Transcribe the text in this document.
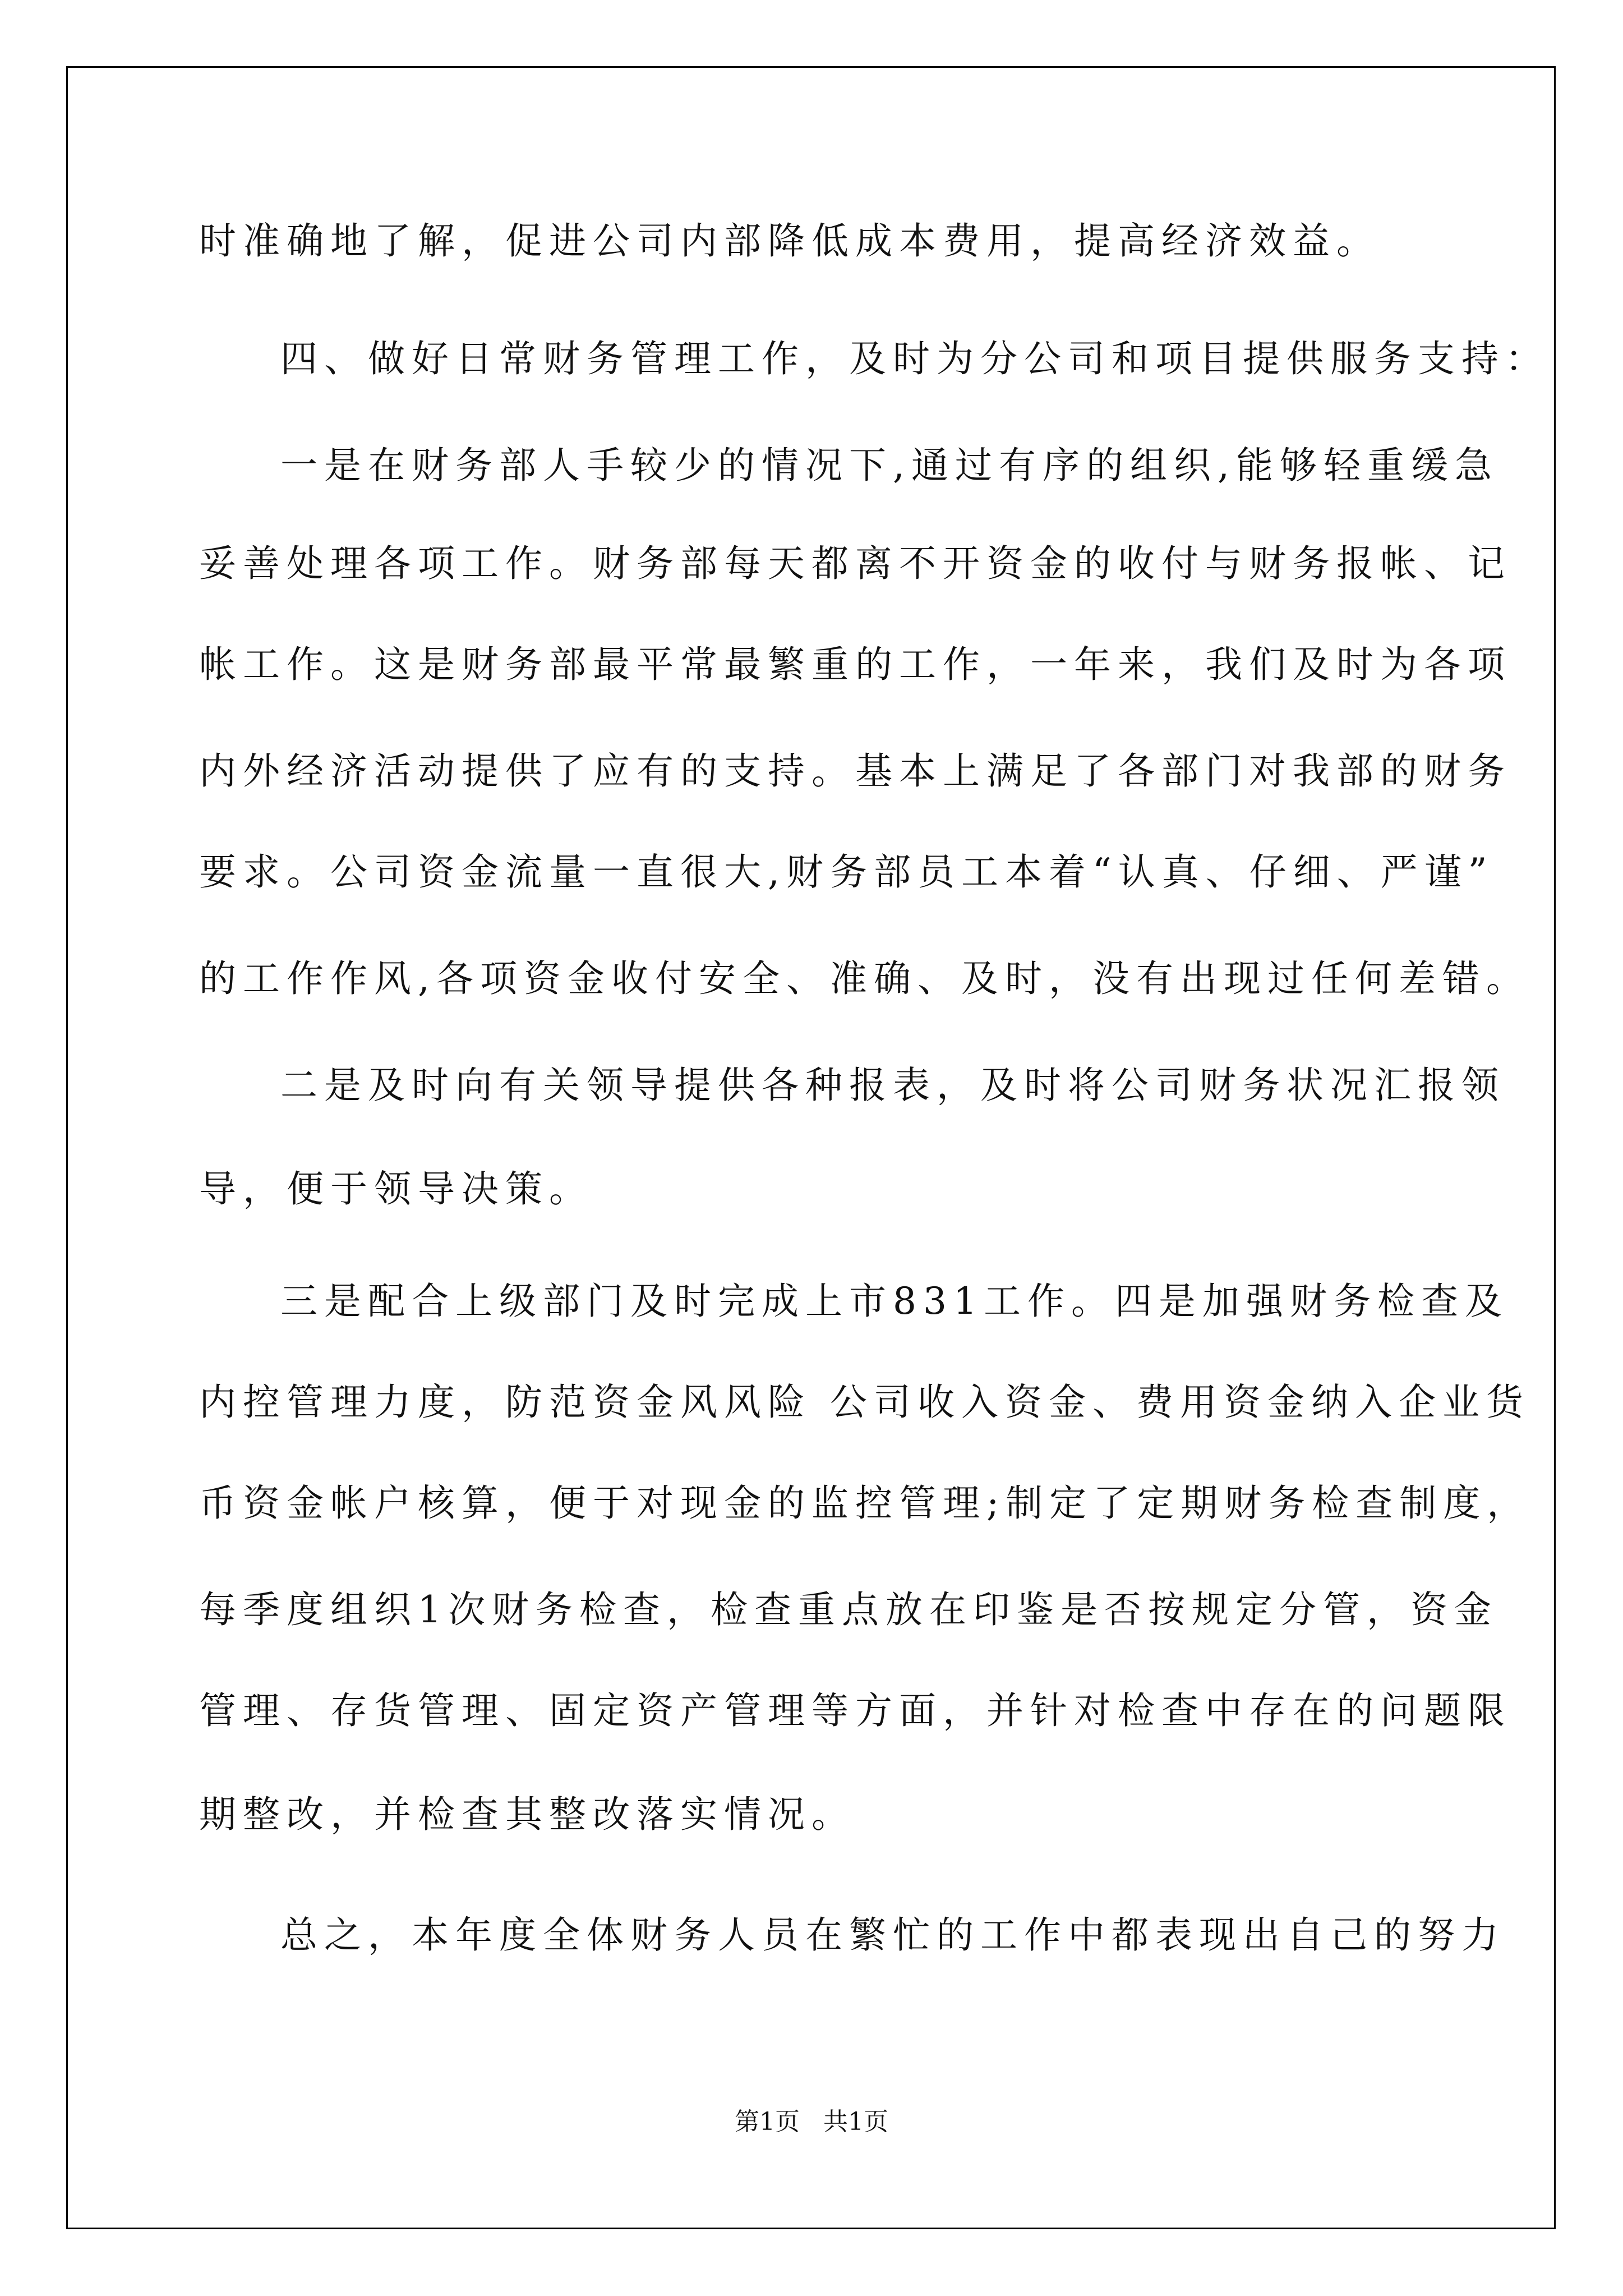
时准确地了解，促进公司内部降低成本费用，提高经济效益。

四、做好日常财务管理工作，及时为分公司和项目提供服务支持：

一是在财务部人手较少的情况下,通过有序的组织,能够轻重缓急

妥善处理各项工作。财务部每天都离不开资金的收付与财务报帐、记

帐工作。这是财务部最平常最繁重的工作，一年来，我们及时为各项

内外经济活动提供了应有的支持。基本上满足了各部门对我部的财务

要求。公司资金流量一直很大,财务部员工本着“认真、仔细、严谨”

的工作作风,各项资金收付安全、准确、及时，没有出现过任何差错。

二是及时向有关领导提供各种报表，及时将公司财务状况汇报领

导，便于领导决策。

三是配合上级部门及时完成上市831工作。四是加强财务检查及

内控管理力度，防范资金风风险 公司收入资金、费用资金纳入企业货

币资金帐户核算，便于对现金的监控管理;制定了定期财务检查制度，

每季度组织1次财务检查，检查重点放在印鉴是否按规定分管，资金

管理、存货管理、固定资产管理等方面，并针对检查中存在的问题限

期整改，并检查其整改落实情况。

总之，本年度全体财务人员在繁忙的工作中都表现出自己的努力

第1页   共1页
